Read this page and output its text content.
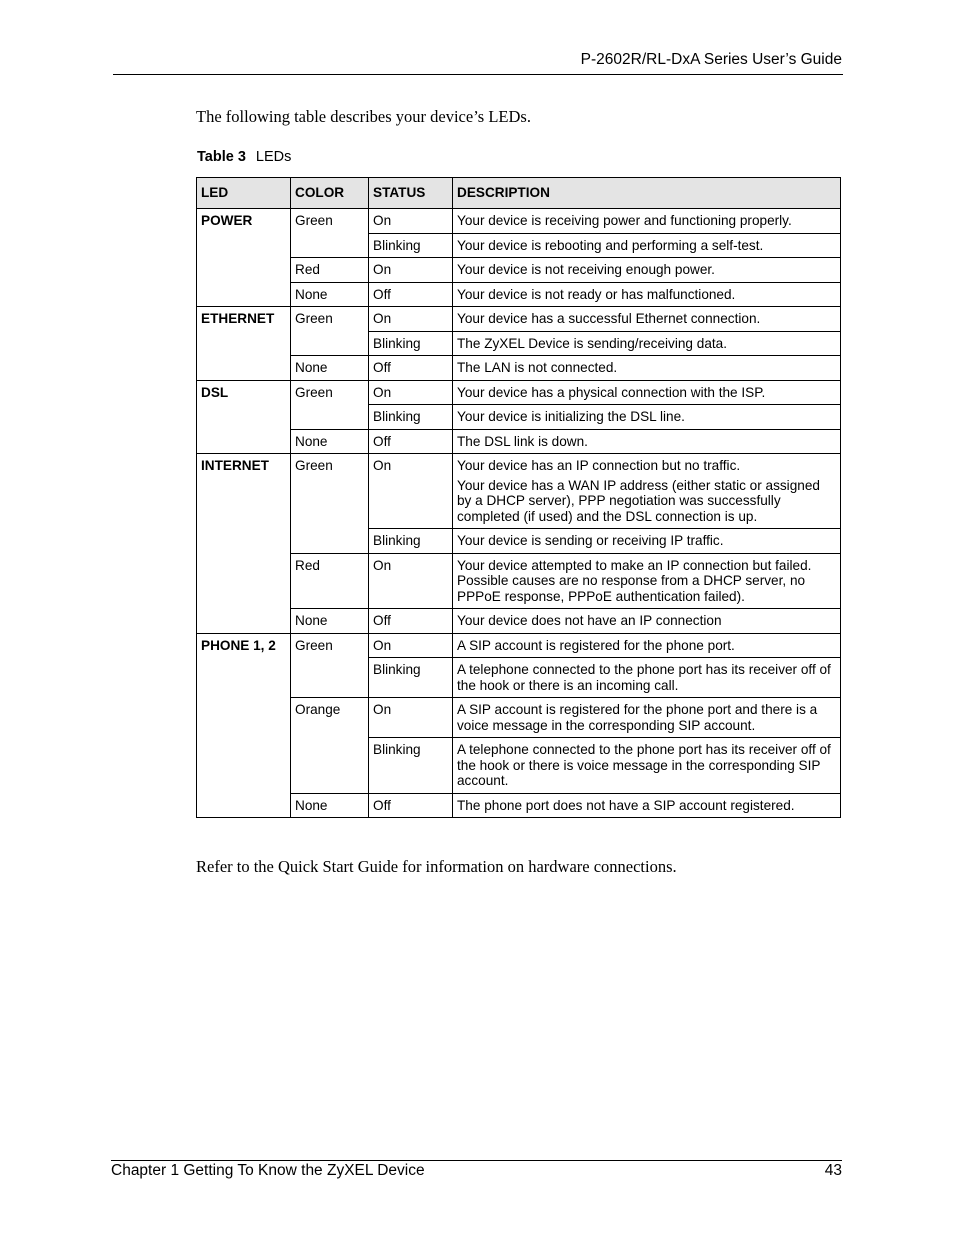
P-2602R/RL-DxA Series User’s Guide

The following table describes your device’s LEDs.

Table 3 LEDs
LED	COLOR	STATUS	DESCRIPTION
POWER	Green	On	Your device is receiving power and functioning properly.

		Blinking	Your device is rebooting and performing a self-test.

	Red	On	Your device is not receiving enough power.

	None	Off	Your device is not ready or has malfunctioned.

ETHERNET	Green	On	Your device has a successful Ethernet connection.

		Blinking	The ZyXEL Device is sending/receiving data.

	None	Off	The LAN is not connected.

DSL	Green	On	Your device has a physical connection with the ISP.

		Blinking	Your device is initializing the DSL line.

	None	Off	The DSL link is down.

INTERNET	Green	On	Your device has an IP connection but no traffic.
Your device has a WAN IP address (either static or assigned by a DHCP server), PPP negotiation was successfully completed (if used) and the DSL connection is up.

		Blinking	Your device is sending or receiving IP traffic.

	Red	On	Your device attempted to make an IP connection but failed. Possible causes are no response from a DHCP server, no PPPoE response, PPPoE authentication failed).

	None	Off	Your device does not have an IP connection

PHONE 1, 2	Green	On	A SIP account is registered for the phone port.

		Blinking	A telephone connected to the phone port has its receiver off of the hook or there is an incoming call.

	Orange	On	A SIP account is registered for the phone port and there is a voice message in the corresponding SIP account.

		Blinking	A telephone connected to the phone port has its receiver off of the hook or there is voice message in the corresponding SIP account.

	None	Off	The phone port does not have a SIP account registered.

Refer to the Quick Start Guide for information on hardware connections.

Chapter 1 Getting To Know the ZyXEL Device	43
